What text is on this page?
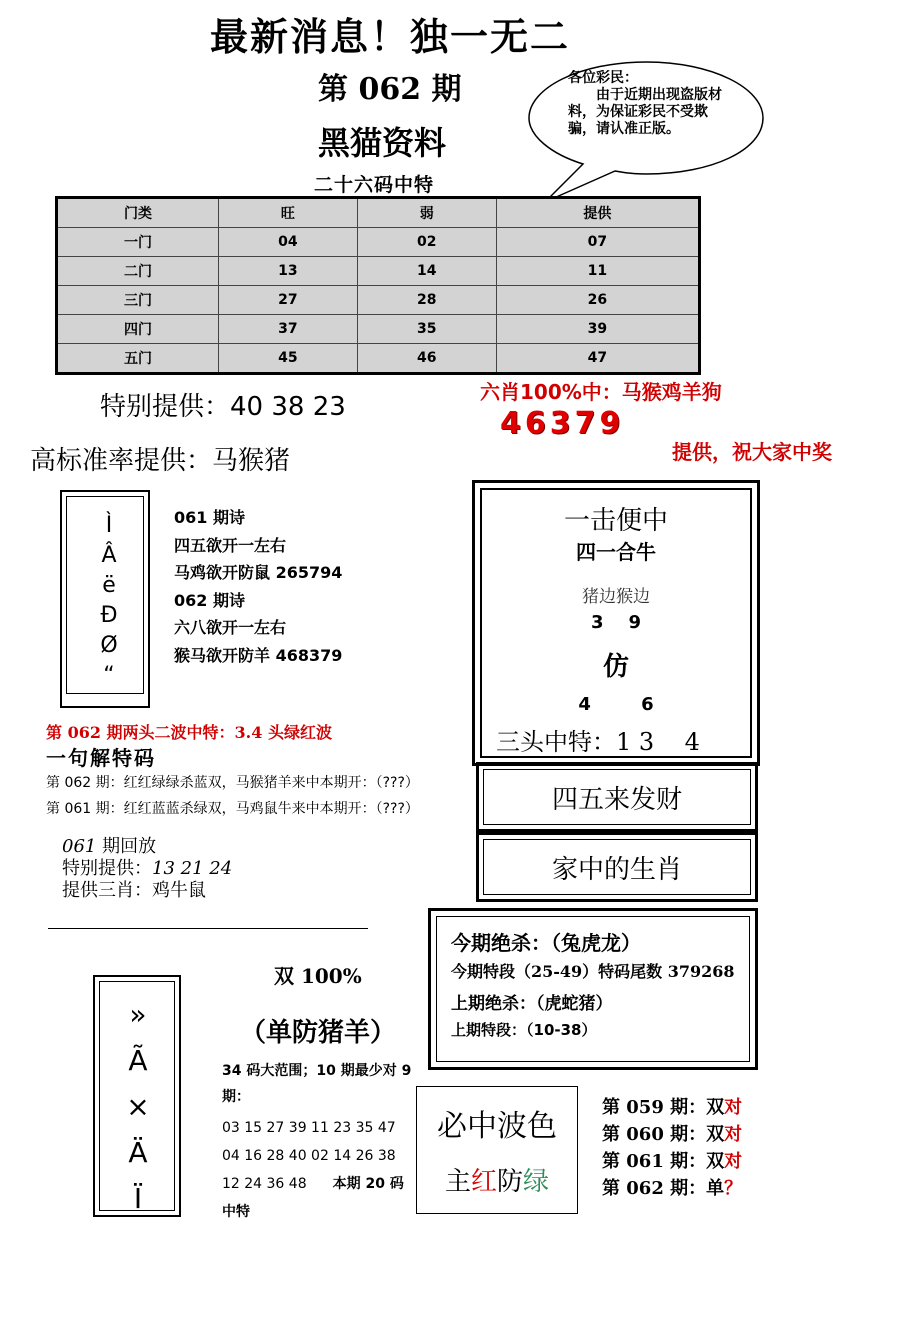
最新消息！独一无二
第 062 期
黑猫资料
二十六码中特
各位彩民：
由于近期出现盗版材料，为保证彩民不受欺骗，请认准正版。
门类	旺	弱	提供
一门	04	02	07
二门	13	14	11
三门	27	28	26
四门	37	35	39
五门	45	46	47
特别提供：40 38 23
高标准率提供：马猴猪
六肖100%中：马猴鸡羊狗
46379
提供，祝大家中奖
Ì
Â
ë
Ð
Ø
“
061 期诗
四五欲开一左右
马鸡欲开防鼠 265794
062 期诗
六八欲开一左右
猴马欲开防羊 468379
第 062 期两头二波中特：3.4 头绿红波
一句解特码
第 062 期：红红绿绿杀蓝双，马猴猪羊来中本期开：（???）
第 061 期：红红蓝蓝杀绿双，马鸡鼠牛来中本期开：（???）
061 期回放
特别提供：13 21 24
提供三肖：鸡牛鼠
一击便中
四一合牛
猪边猴边
3    9
仿
4        6
三头中特：1 3    4
四五来发财
家中的生肖
今期绝杀：（兔虎龙）
今期特段（25-49）特码尾数 379268
上期绝杀：（虎蛇猪）
上期特段：（10-38）
»
Ã
×
Ä
Ï
双 100%
（单防猪羊）
34 码大范围；10 期最少对 9 期：
03 15 27 39 11 23 35 47
04 16 28 40 02 14 26 38
12 24 36 48 本期 20 码
中特
必中波色
主红防绿
第 059 期：双对
第 060 期：双对
第 061 期：双对
第 062 期：单？
